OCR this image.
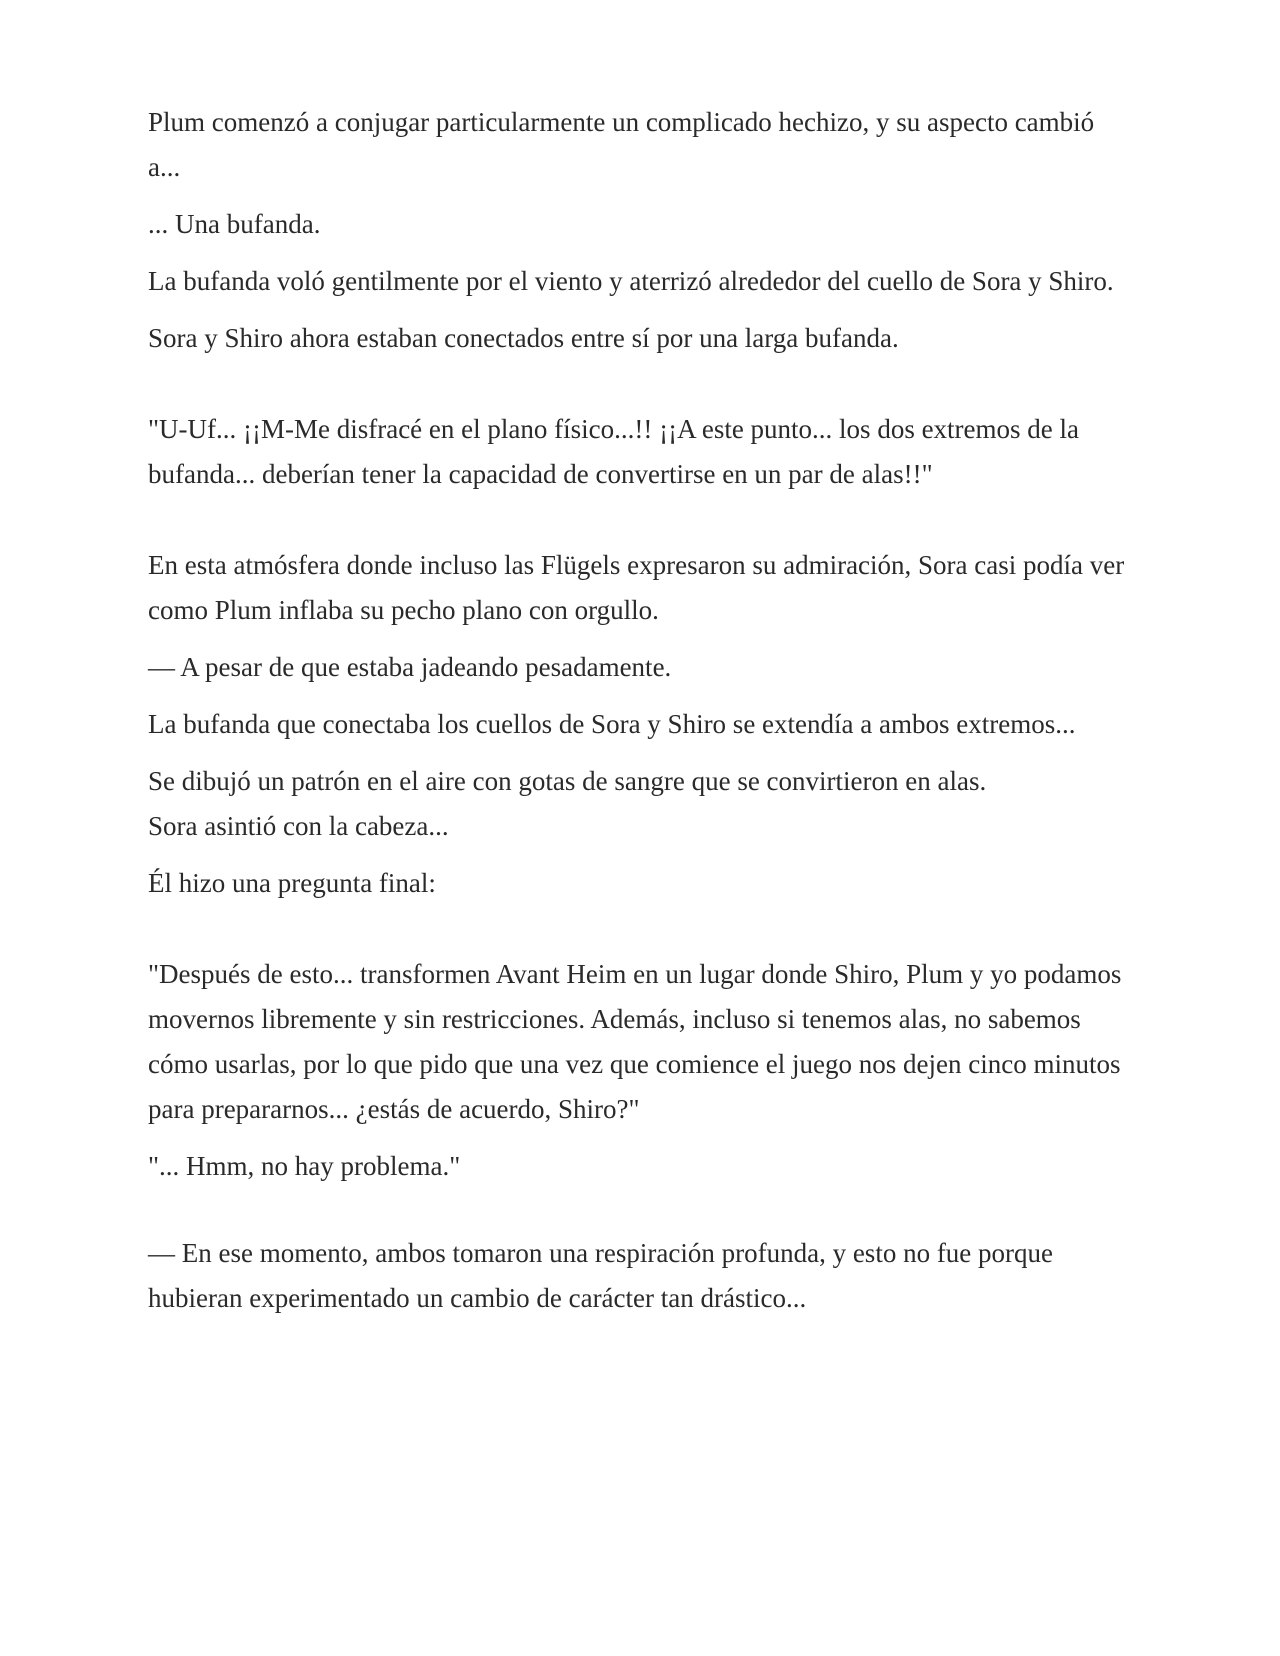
Plum comenzó a conjugar particularmente un complicado hechizo, y su aspecto cambió a...

... Una bufanda.

La bufanda voló gentilmente por el viento y aterrizó alrededor del cuello de Sora y Shiro.

Sora y Shiro ahora estaban conectados entre sí por una larga bufanda.

"U-Uf... ¡¡M-Me disfracé en el plano físico...!! ¡¡A este punto... los dos extremos de la bufanda... deberían tener la capacidad de convertirse en un par de alas!!"

En esta atmósfera donde incluso las Flügels expresaron su admiración, Sora casi podía ver como Plum inflaba su pecho plano con orgullo.

— A pesar de que estaba jadeando pesadamente.

La bufanda que conectaba los cuellos de Sora y Shiro se extendía a ambos extremos...

Se dibujó un patrón en el aire con gotas de sangre que se convirtieron en alas.

Sora asintió con la cabeza...

Él hizo una pregunta final:

"Después de esto... transformen Avant Heim en un lugar donde Shiro, Plum y yo podamos movernos libremente y sin restricciones. Además, incluso si tenemos alas, no sabemos cómo usarlas, por lo que pido que una vez que comience el juego nos dejen cinco minutos para prepararnos... ¿estás de acuerdo, Shiro?"

"... Hmm, no hay problema."

— En ese momento, ambos tomaron una respiración profunda, y esto no fue porque hubieran experimentado un cambio de carácter tan drástico...
